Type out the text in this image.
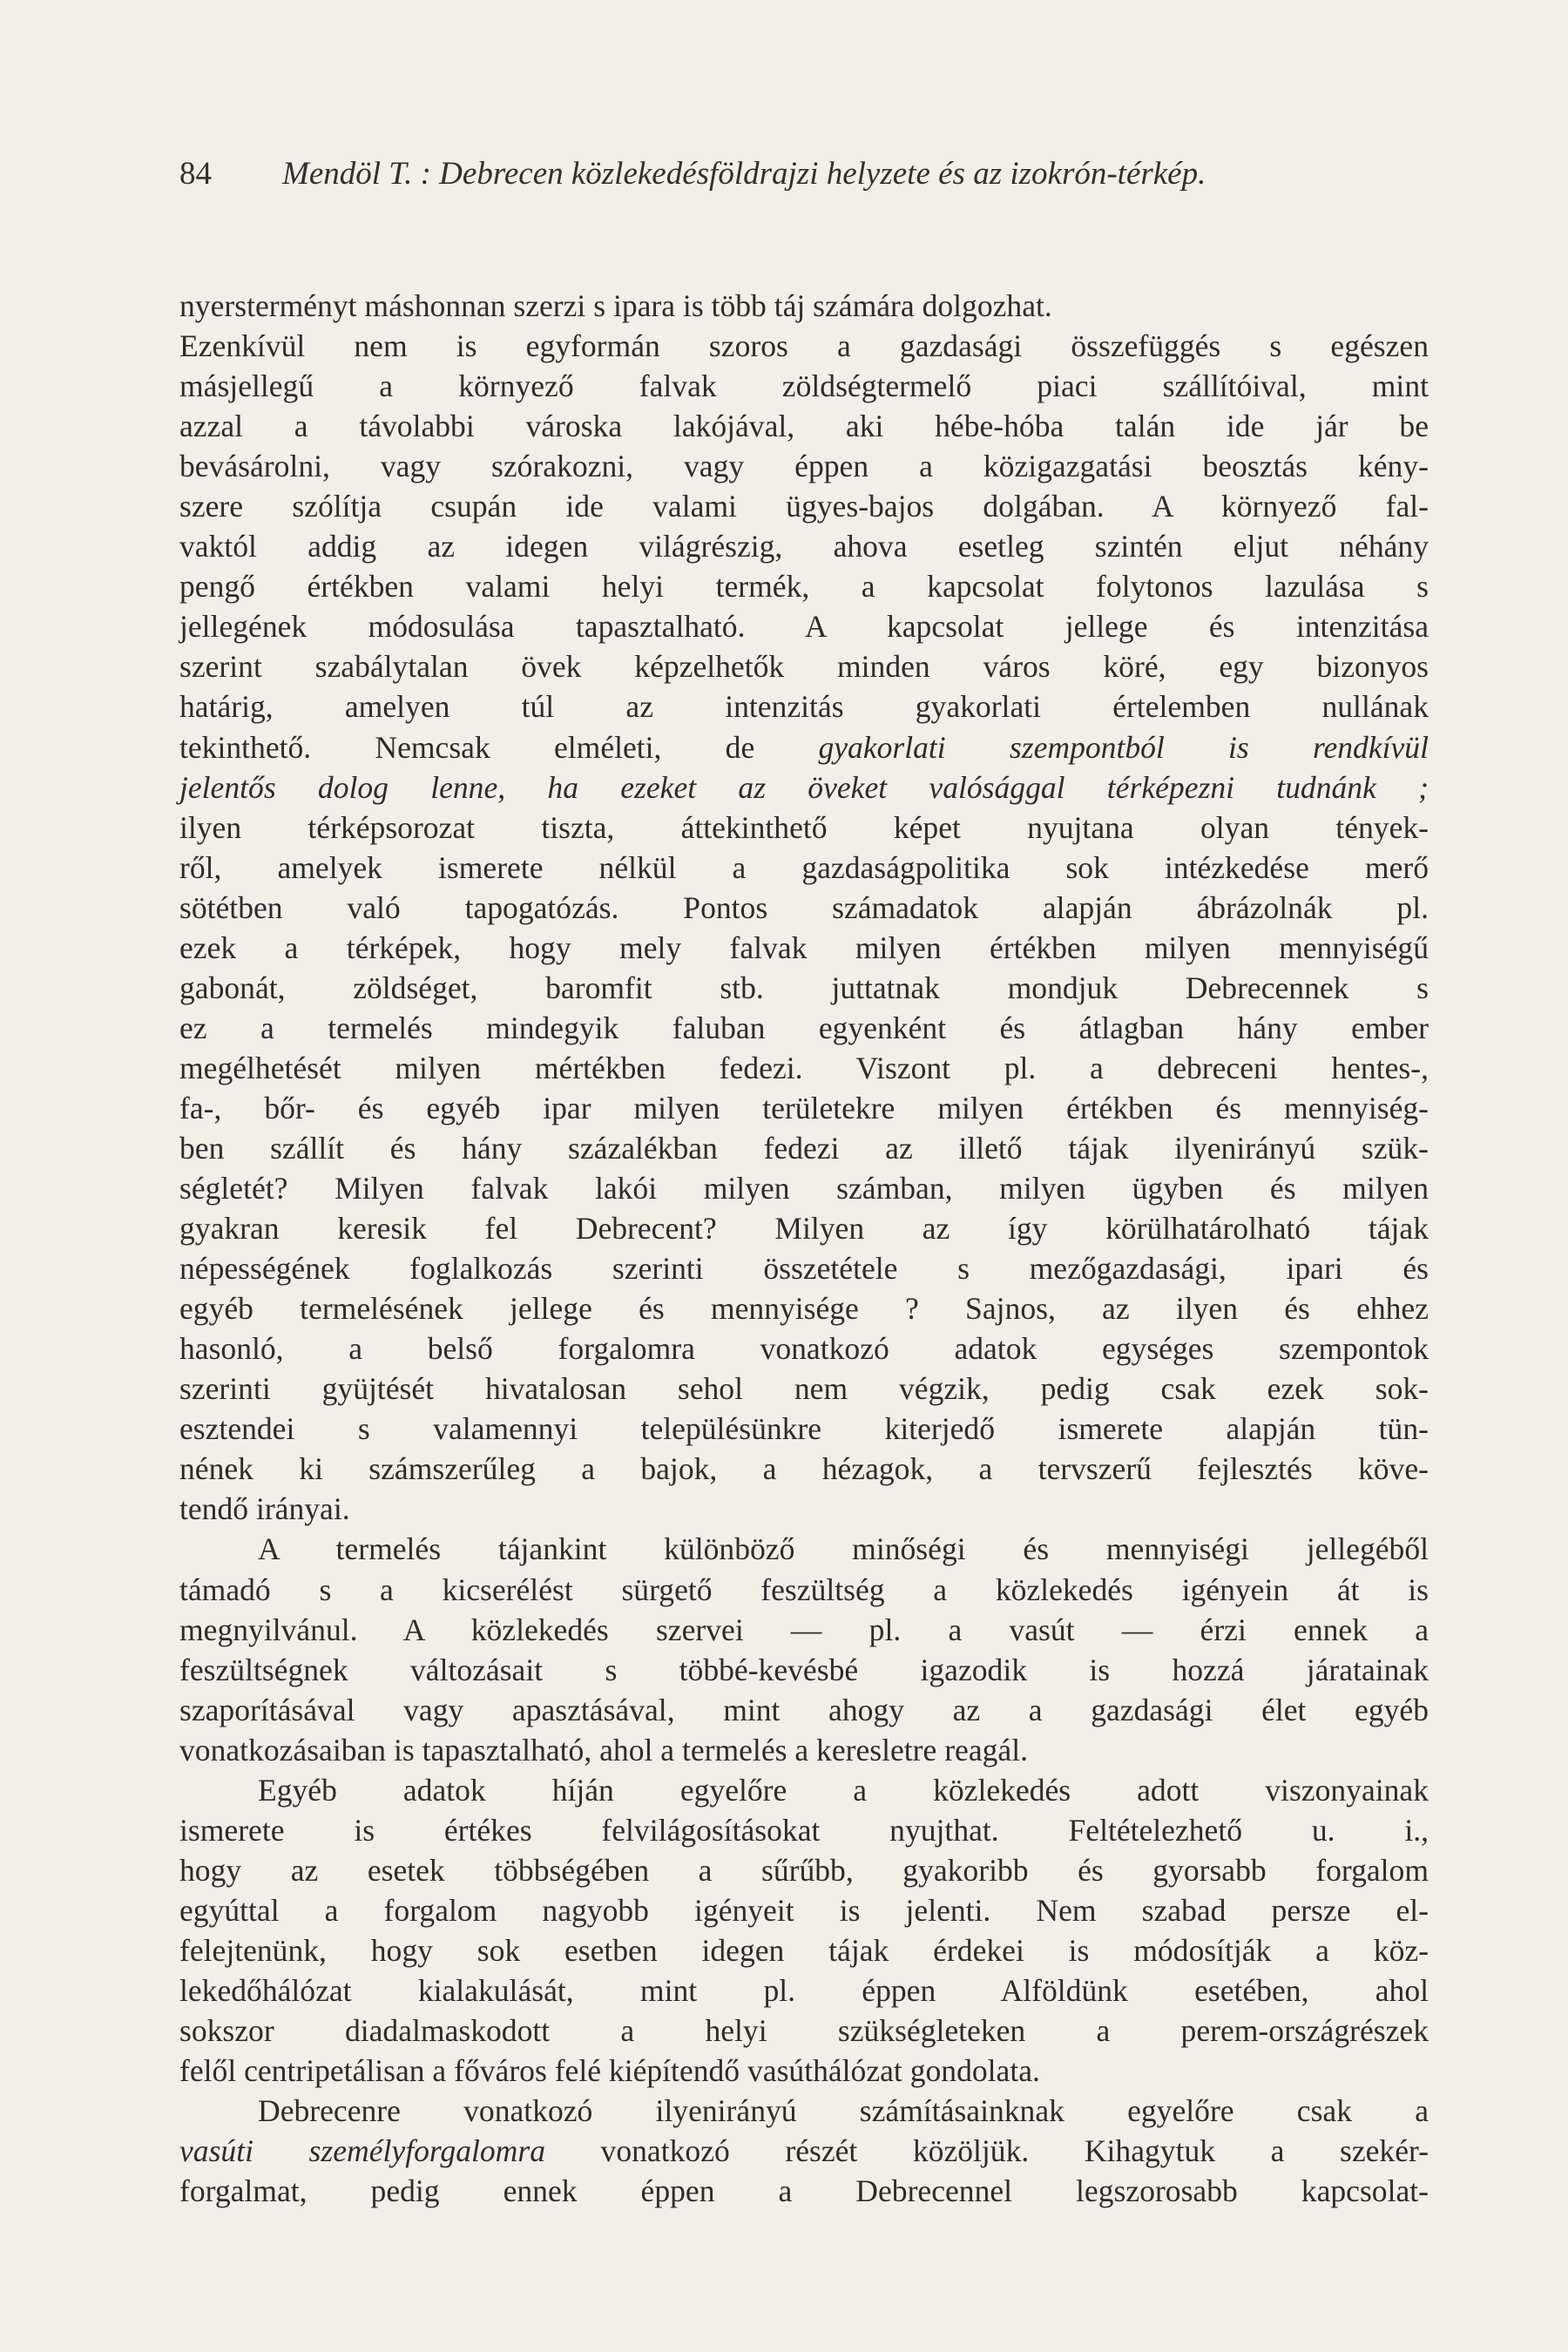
84 Mendöl T. : Debrecen közlekedésföldrajzi helyzete és az izokrón-térkép.
nyersterményt máshonnan szerzi s ipara is több táj számára dolgozhat.
Ezenkívül nem is egyformán szoros a gazdasági összefüggés s egészen
másjellegű a környező falvak zöldségtermelő piaci szállítóival, mint
azzal a távolabbi városka lakójával, aki hébe-hóba talán ide jár be
bevásárolni, vagy szórakozni, vagy éppen a közigazgatási beosztás kény-
szere szólítja csupán ide valami ügyes-bajos dolgában. A környező fal-
vaktól addig az idegen világrészig, ahova esetleg szintén eljut néhány
pengő értékben valami helyi termék, a kapcsolat folytonos lazulása s
jellegének módosulása tapasztalható. A kapcsolat jellege és intenzitása
szerint szabálytalan övek képzelhetők minden város köré, egy bizonyos
határig, amelyen túl az intenzitás gyakorlati értelemben nullának
tekinthető. Nemcsak elméleti, de gyakorlati szempontból is rendkívül
jelentős dolog lenne, ha ezeket az öveket valósággal térképezni tudnánk ;
ilyen térképsorozat tiszta, áttekinthető képet nyujtana olyan tények-
ről, amelyek ismerete nélkül a gazdaságpolitika sok intézkedése merő
sötétben való tapogatózás. Pontos számadatok alapján ábrázolnák pl.
ezek a térképek, hogy mely falvak milyen értékben milyen mennyiségű
gabonát, zöldséget, baromfit stb. juttatnak mondjuk Debrecennek s
ez a termelés mindegyik faluban egyenként és átlagban hány ember
megélhetését milyen mértékben fedezi. Viszont pl. a debreceni hentes-,
fa-, bőr- és egyéb ipar milyen területekre milyen értékben és mennyiség-
ben szállít és hány százalékban fedezi az illető tájak ilyenirányú szük-
ségletét? Milyen falvak lakói milyen számban, milyen ügyben és milyen
gyakran keresik fel Debrecent? Milyen az így körülhatárolható tájak
népességének foglalkozás szerinti összetétele s mezőgazdasági, ipari és
egyéb termelésének jellege és mennyisége ? Sajnos, az ilyen és ehhez
hasonló, a belső forgalomra vonatkozó adatok egységes szempontok
szerinti gyüjtését hivatalosan sehol nem végzik, pedig csak ezek sok-
esztendei s valamennyi településünkre kiterjedő ismerete alapján tün-
nének ki számszerűleg a bajok, a hézagok, a tervszerű fejlesztés köve-
tendő irányai.
A termelés tájankint különböző minőségi és mennyiségi jellegéből
támadó s a kicserélést sürgető feszültség a közlekedés igényein át is
megnyilvánul. A közlekedés szervei — pl. a vasút — érzi ennek a
feszültségnek változásait s többé-kevésbé igazodik is hozzá járatainak
szaporításával vagy apasztásával, mint ahogy az a gazdasági élet egyéb
vonatkozásaiban is tapasztalható, ahol a termelés a keresletre reagál.
Egyéb adatok híján egyelőre a közlekedés adott viszonyainak
ismerete is értékes felvilágosításokat nyujthat. Feltételezhető u. i.,
hogy az esetek többségében a sűrűbb, gyakoribb és gyorsabb forgalom
egyúttal a forgalom nagyobb igényeit is jelenti. Nem szabad persze el-
felejtenünk, hogy sok esetben idegen tájak érdekei is módosítják a köz-
lekedőhálózat kialakulását, mint pl. éppen Alföldünk esetében, ahol
sokszor diadalmaskodott a helyi szükségleteken a perem-országrészek
felől centripetálisan a főváros felé kiépítendő vasúthálózat gondolata.
Debrecenre vonatkozó ilyenirányú számításainknak egyelőre csak a
vasúti személyforgalomra vonatkozó részét közöljük. Kihagytuk a szekér-
forgalmat, pedig ennek éppen a Debrecennel legszorosabb kapcsolat-
